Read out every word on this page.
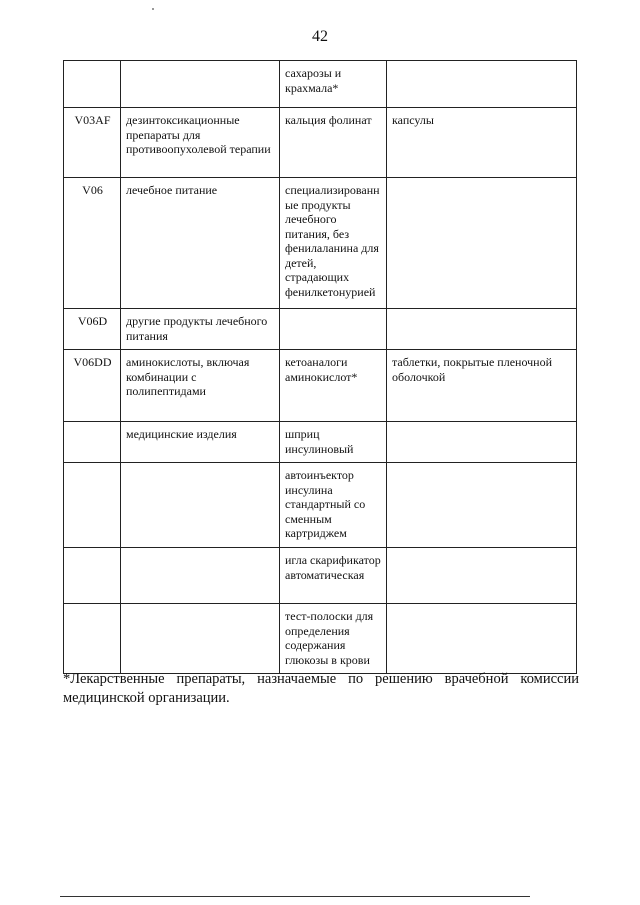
42
		сахарозы и крахмала*	
V03AF	дезинтоксикационные препараты для противоопухолевой терапии	кальция фолинат	капсулы
V06	лечебное питание	специализированные продукты лечебного питания, без фенилаланина для детей, страдающих фенилкетонурией	
V06D	другие продукты лечебного питания		
V06DD	аминокислоты, включая комбинации с полипептидами	кетоаналоги аминокислот*	таблетки, покрытые пленочной оболочкой
	медицинские изделия	шприц инсулиновый	
		автоинъектор инсулина стандартный со сменным картриджем	
		игла скарификатор автоматическая	
		тест-полоски для определения содержания глюкозы в крови	
*Лекарственные препараты, назначаемые по решению врачебной комиссии
медицинской организации.
